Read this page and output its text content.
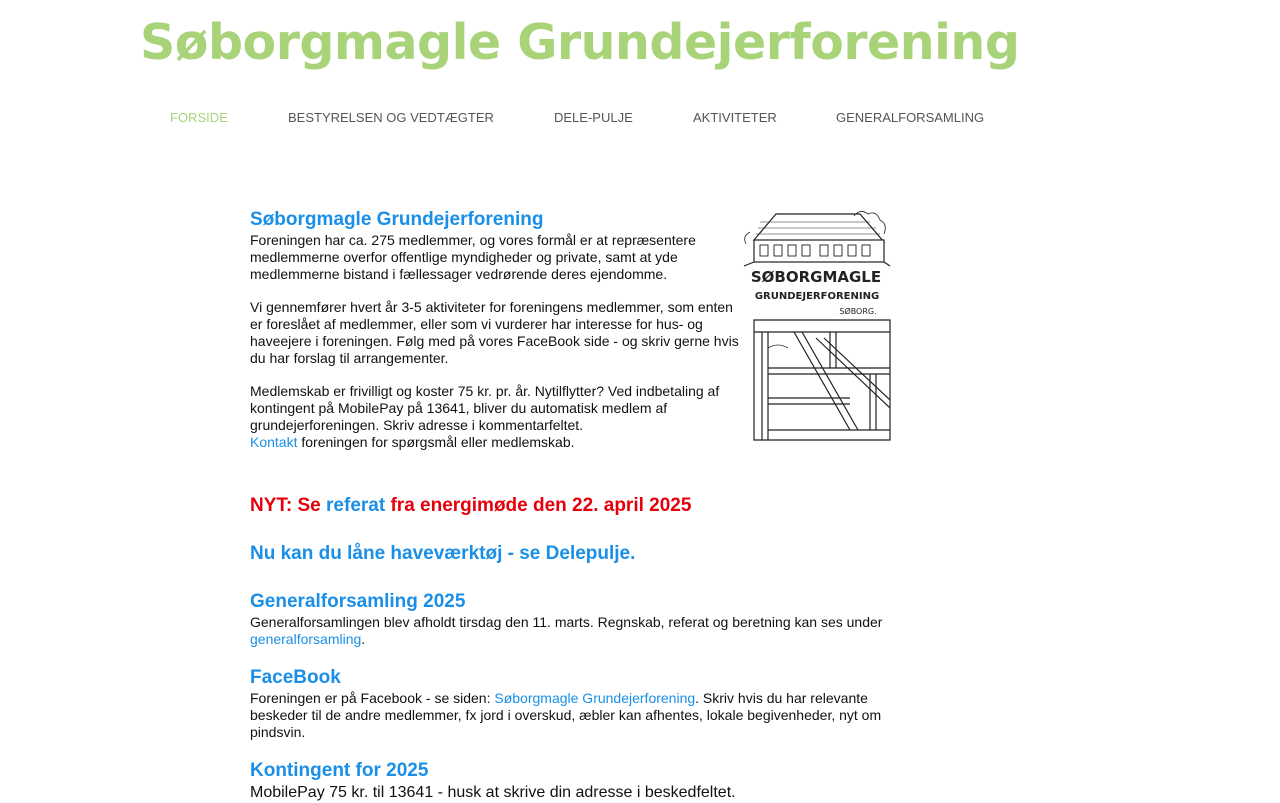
Søborgmagle Grundejerforening
FORSIDE	BESTYRELSEN OG VEDTÆGTER	DELE-PULJE	AKTIVITETER	GENERALFORSAMLING
Søborgmagle Grundejerforening

Foreningen har ca. 275 medlemmer, og vores formål er at repræsentere medlemmerne overfor offentlige myndigheder og private, samt at yde medlemmerne bistand i fællessager vedrørende deres ejendomme.

Vi gennemfører hvert år 3-5 aktiviteter for foreningens medlemmer, som enten er foreslået af medlemmer, eller som vi vurderer har interesse for hus- og haveejere i foreningen. Følg med på vores FaceBook side - og skriv gerne hvis du har forslag til arrangementer.

Medlemskab er frivilligt og koster 75 kr. pr. år. Nytilflytter? Ved indbetaling af kontingent på MobilePay på 13641, bliver du automatisk medlem af grundejerforeningen. Skriv adresse i kommentarfeltet.

Kontakt foreningen for spørgsmål eller medlemskab.

NYT: Se referat fra energimøde den 22. april 2025
Nu kan du låne haveværktøj - se Delepulje.
Generalforsamling 2025

Generalforsamlingen blev afholdt tirsdag den 11. marts. Regnskab, referat og beretning kan ses under generalforsamling.

FaceBook

Foreningen er på Facebook - se siden: Søborgmagle Grundejerforening. Skriv hvis du har relevante beskeder til de andre medlemmer, fx jord i overskud, æbler kan afhentes, lokale begivenheder, nyt om pindsvin.

Kontingent for 2025

MobilePay 75 kr. til 13641 - husk at skrive din adresse i beskedfeltet.

SØBORGMAGLE
GRUNDEJERFORENING
SØBORG.
